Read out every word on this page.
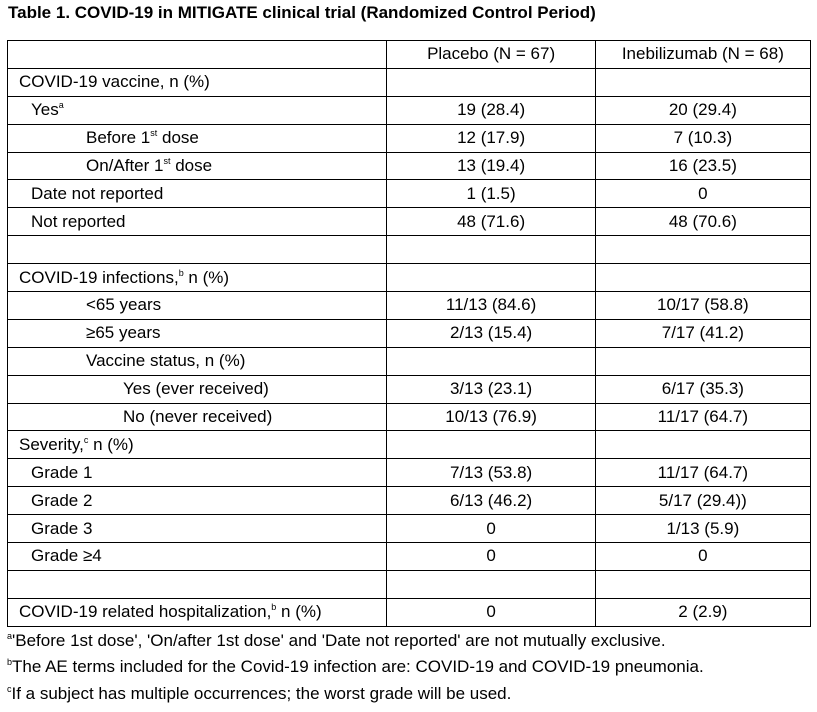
Table 1. COVID-19 in MITIGATE clinical trial (Randomized Control Period)
	Placebo (N = 67)	Inebilizumab (N = 68)
COVID-19 vaccine, n (%)		
Yes$^a$	19 (28.4)	20 (29.4)
Before 1st dose	12 (17.9)	7 (10.3)
On/After 1st dose	13 (19.4)	16 (23.5)
Date not reported	1 (1.5)	0
Not reported	48 (71.6)	48 (70.6)

COVID-19 infections,$^b$ n (%)		
<65 years	11/13 (84.6)	10/17 (58.8)
≥65 years	2/13 (15.4)	7/17 (41.2)
Vaccine status, n (%)		
Yes (ever received)	3/13 (23.1)	6/17 (35.3)
No (never received)	10/13 (76.9)	11/17 (64.7)
Severity,$^c$ n (%)		
Grade 1	7/13 (53.8)	11/17 (64.7)
Grade 2	6/13 (46.2)	5/17 (29.4))
Grade 3	0	1/13 (5.9)
Grade ≥4	0	0

COVID-19 related hospitalization,$^b$ n (%)	0	2 (2.9)
$^a$'Before 1st dose', 'On/after 1st dose' and 'Date not reported' are not mutually exclusive.
$^b$The AE terms included for the Covid-19 infection are: COVID-19 and COVID-19 pneumonia.
$^c$If a subject has multiple occurrences; the worst grade will be used.
